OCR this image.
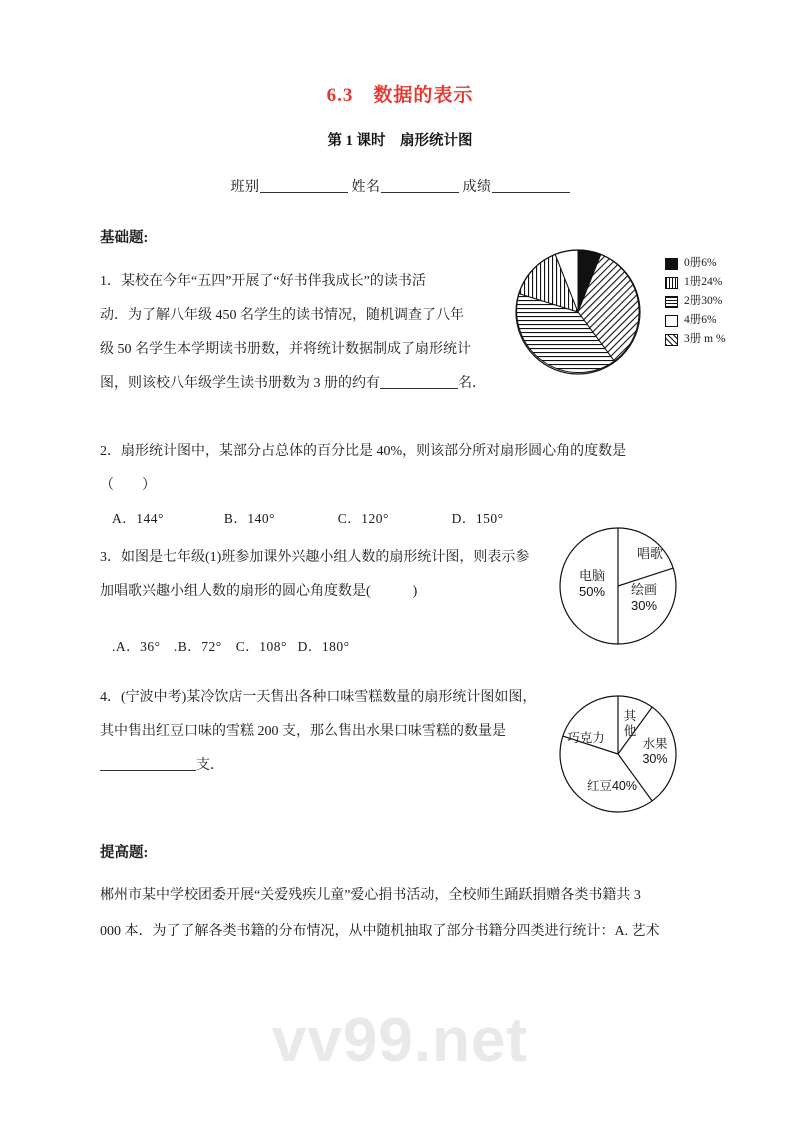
6.3　数据的表示
第 1 课时　扇形统计图
班别	姓名	成绩
基础题:
1．某校在今年“五四”开展了“好书伴我成长”的读书活
动．为了解八年级 450 名学生的读书情况，随机调查了八年
级 50 名学生本学期读书册数，并将统计数据制成了扇形统计
图，则该校八年级学生读书册数为 3 册的约有	名．
0册6%
1册24%
2册30%
4册6%
3册 m %
2．扇形统计图中，某部分占总体的百分比是 40%，则该部分所对扇形圆心角的度数是
（　　）
A．144°	B．140°	C．120°	D．150°
3．如图是七年级(1)班参加课外兴趣小组人数的扇形统计图，则表示参
加唱歌兴趣小组人数的扇形的圆心角度数是(　　　)
.A．36° .B．72° C．108° D．180°
电脑
50%
唱歌
绘画
30%
4．(宁波中考)某冷饮店一天售出各种口味雪糕数量的扇形统计图如图，
其中售出红豆口味的雪糕 200 支，那么售出水果口味雪糕的数量是
支．
其
他
水果
30%
红豆40%
巧克力
提高题:
郴州市某中学校团委开展“关爱残疾儿童”爱心捐书活动，全校师生踊跃捐赠各类书籍共 3
000 本．为了了解各类书籍的分布情况，从中随机抽取了部分书籍分四类进行统计：A. 艺术
vv99.net
